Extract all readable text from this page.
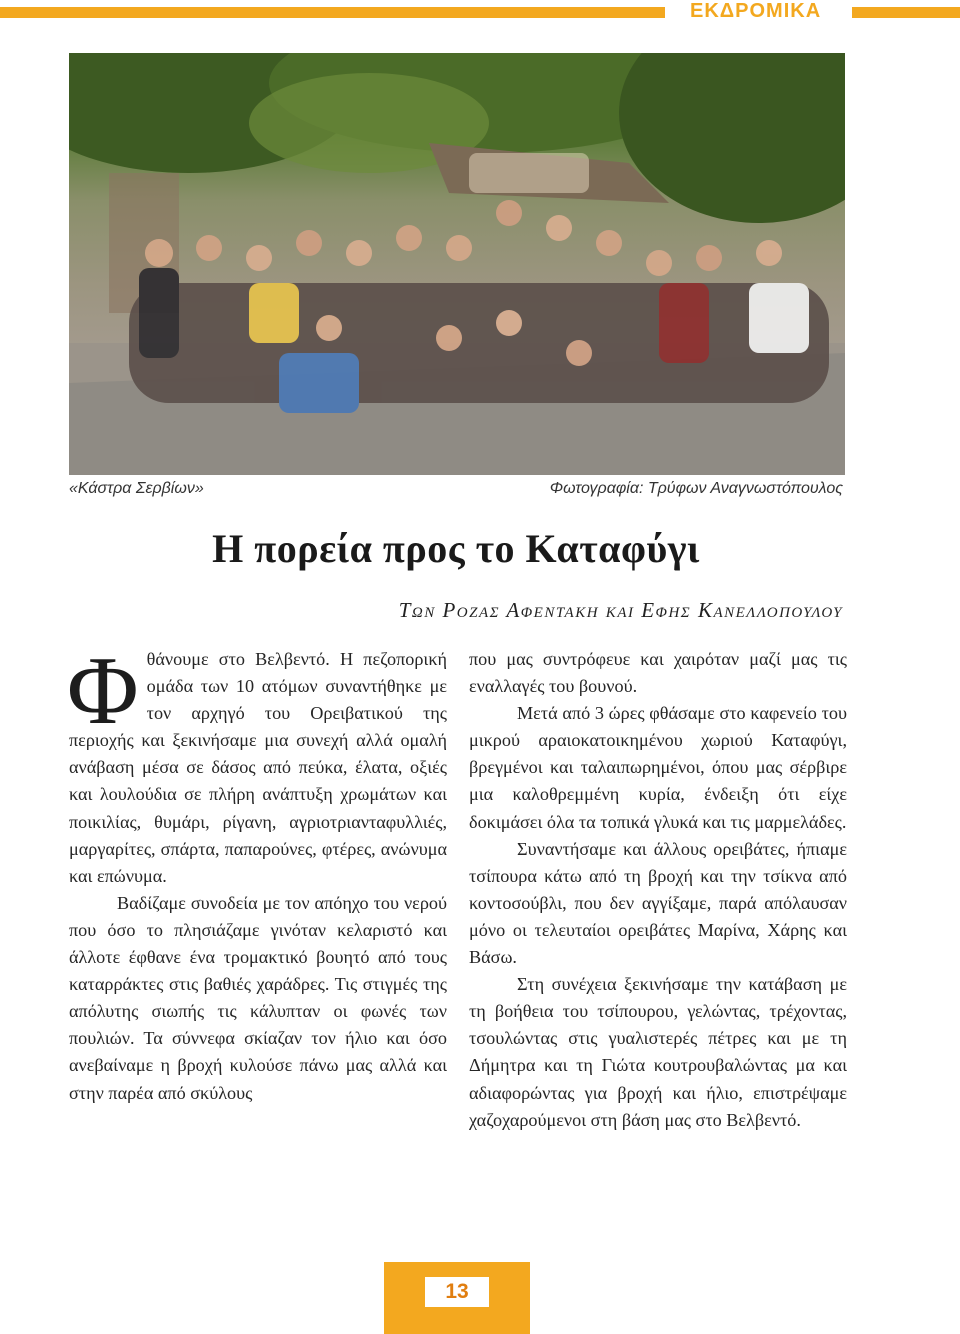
ΕΚΔΡΟΜΙΚΑ
«Κάστρα Σερβίων»	Φωτογραφία: Τρύφων Αναγνωστόπουλος
Η πορεία προς το Καταφύγι
Των Ροζας Αφεντακη και Εφης Κανελλοπουλου

Φθάνουμε στο Βελβεντό. Η πεζοπορική ομάδα των 10 ατόμων συναντήθηκε με τον αρχηγό του Ορειβατικού της περιοχής και ξεκινήσαμε μια συνεχή αλλά ομαλή ανάβαση μέσα σε δάσος από πεύκα, έλατα, οξιές και λουλούδια σε πλήρη ανάπτυξη χρωμάτων και ποικιλίας, θυμάρι, ρίγανη, αγριοτριανταφυλλιές, μαργαρίτες, σπάρτα, παπαρούνες, φτέρες, ανώνυμα και επώνυμα.

Βαδίζαμε συνοδεία με τον απόηχο του νερού που όσο το πλησιάζαμε γινόταν κελαριστό και άλλοτε έφθανε ένα τρομακτικό βουητό από τους καταρράκτες στις βαθιές χαράδρες. Τις στιγμές της απόλυτης σιωπής τις κάλυπταν οι φωνές των πουλιών. Τα σύννεφα σκίαζαν τον ήλιο και όσο ανεβαίναμε η βροχή κυλούσε πάνω μας αλλά και στην παρέα από σκύλους

που μας συντρόφευε και χαιρόταν μαζί μας τις εναλλαγές του βουνού.

Μετά από 3 ώρες φθάσαμε στο καφενείο του μικρού αραιοκατοικημένου χωριού Καταφύγι, βρεγμένοι και ταλαιπωρημένοι, όπου μας σέρβιρε μια καλοθρεμμένη κυρία, ένδειξη ότι είχε δοκιμάσει όλα τα τοπικά γλυκά και τις μαρμελάδες.

Συναντήσαμε και άλλους ορειβάτες, ήπιαμε τσίπουρα κάτω από τη βροχή και την τσίκνα από κοντοσούβλι, που δεν αγγίξαμε, παρά απόλαυσαν μόνο οι τελευταίοι ορειβάτες Μαρίνα, Χάρης και Βάσω.

Στη συνέχεια ξεκινήσαμε την κατάβαση με τη βοήθεια του τσίπουρου, γελώντας, τρέχοντας, τσουλώντας στις γυαλιστερές πέτρες και με τη Δήμητρα και τη Γιώτα κουτρουβαλώντας μα και αδιαφορώντας για βροχή και ήλιο, επιστρέψαμε χαζοχαρούμενοι στη βάση μας στο Βελβεντό.

13
